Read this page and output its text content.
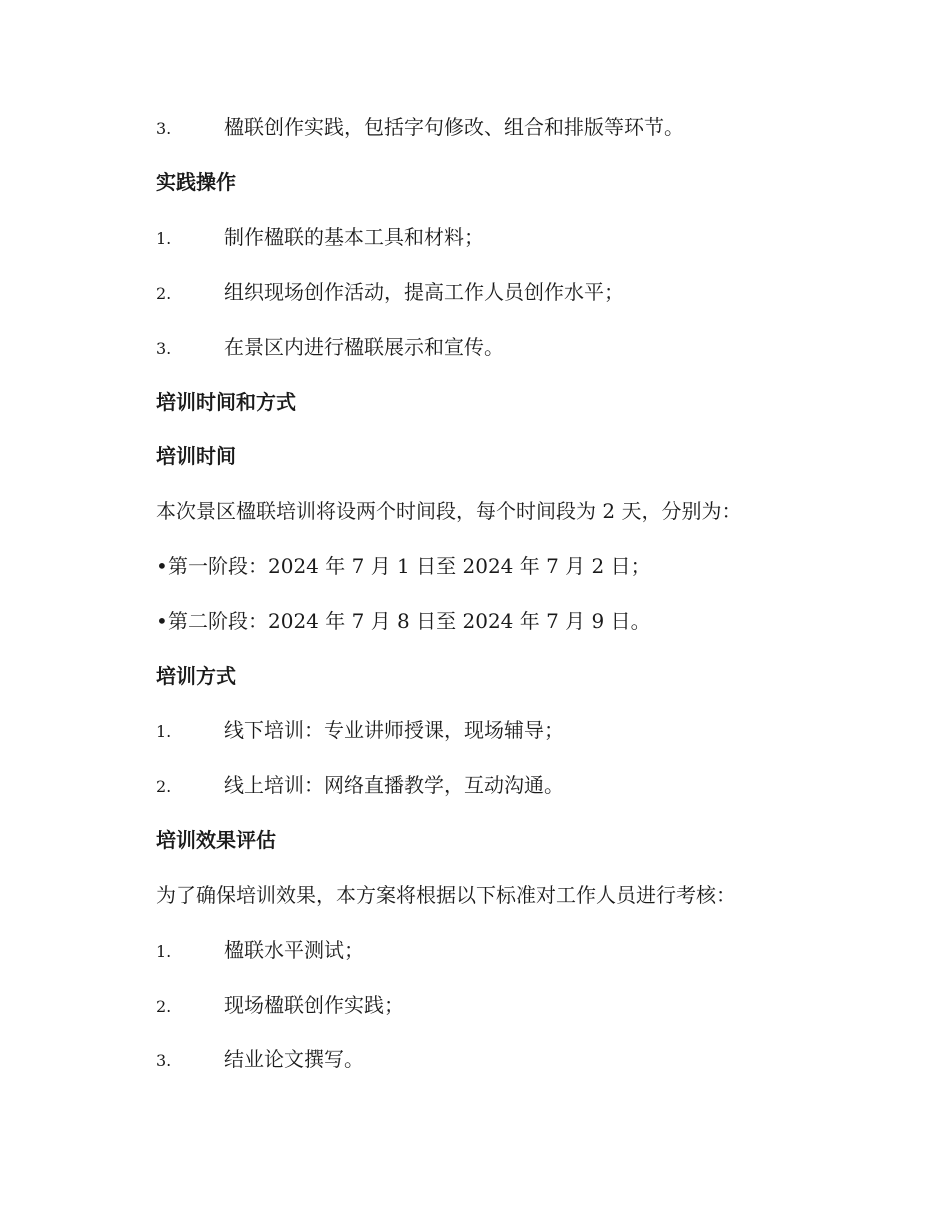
3.	楹联创作实践，包括字句修改、组合和排版等环节。
实践操作
1.	制作楹联的基本工具和材料；
2.	组织现场创作活动，提高工作人员创作水平；
3.	在景区内进行楹联展示和宣传。
培训时间和方式
培训时间
本次景区楹联培训将设两个时间段，每个时间段为 2 天，分别为：
•第一阶段：2024 年 7 月 1 日至 2024 年 7 月 2 日；
•第二阶段：2024 年 7 月 8 日至 2024 年 7 月 9 日。
培训方式
1.	线下培训：专业讲师授课，现场辅导；
2.	线上培训：网络直播教学，互动沟通。
培训效果评估
为了确保培训效果，本方案将根据以下标准对工作人员进行考核：
1.	楹联水平测试；
2.	现场楹联创作实践；
3.	结业论文撰写。
